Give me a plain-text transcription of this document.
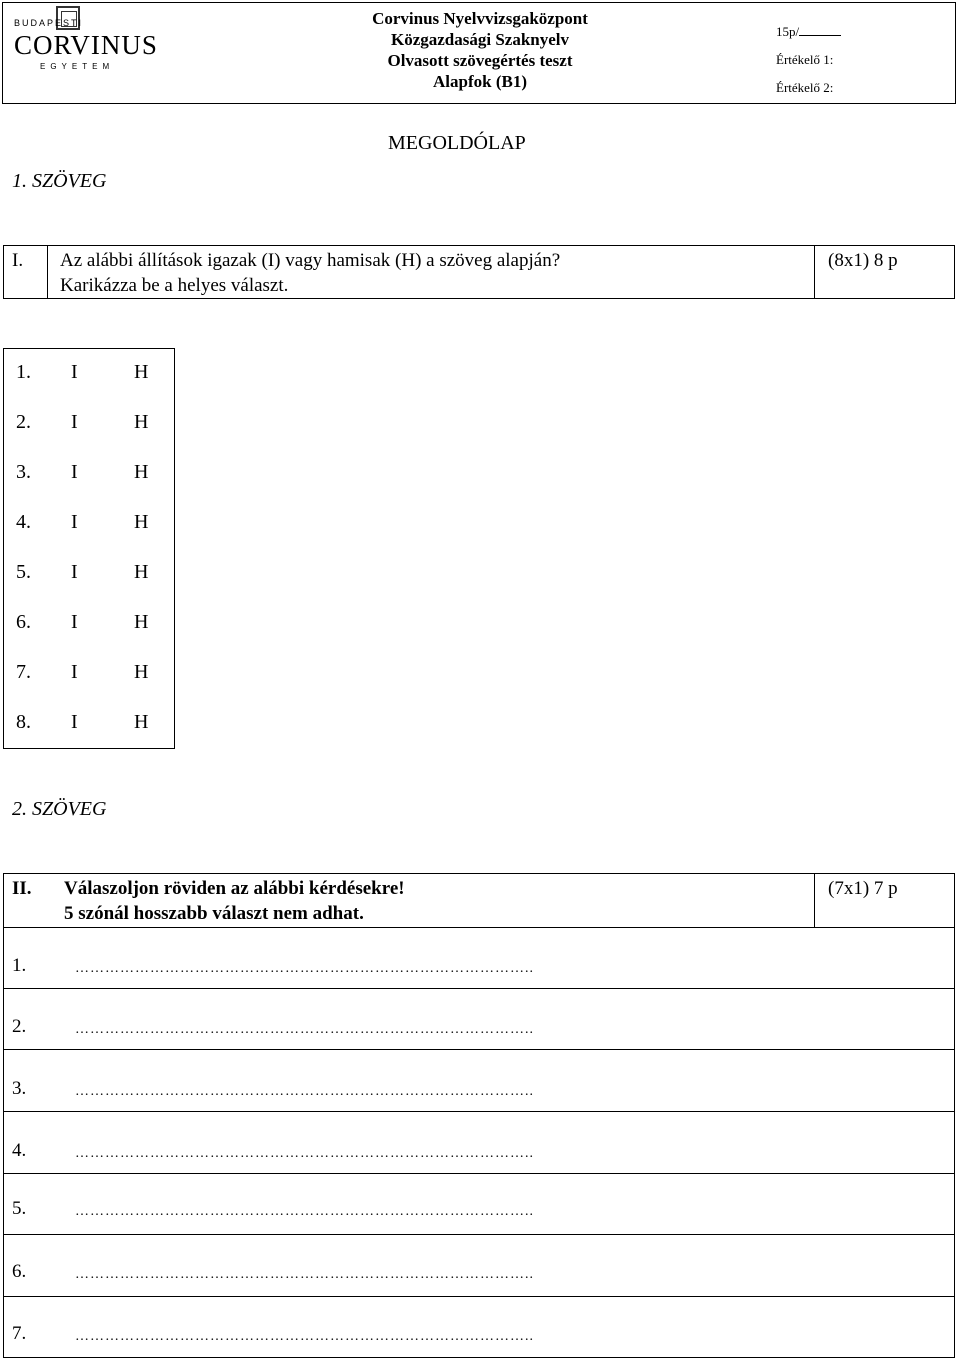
BUDAPESTI
CORVINUS
EGYETEM
Corvinus Nyelvvizsgaközpont
Közgazdasági Szaknyelv
Olvasott szövegértés teszt
Alapfok (B1)
15p/
Értékelő 1:
Értékelő 2:
MEGOLDÓLAP
1. SZÖVEG
I. Az alábbi állítások igazak (I) vagy hamisak (H) a szöveg alapján?
Karikázza be a helyes választ.
(8x1) 8 p
1. I	H
2. I	H
3. I	H
4. I	H
5. I	H
6. I	H
7. I	H
8. I	H
2. SZÖVEG
II. Válaszoljon röviden az alábbi kérdésekre!
5 szónál hosszabb választ nem adhat.
(7x1) 7 p
1.	………………………………………………………………………………..
2.	………………………………………………………………………………..
3.	………………………………………………………………………………..
4.	………………………………………………………………………………..
5.	………………………………………………………………………………..
6.	………………………………………………………………………………..
7.	………………………………………………………………………………..
